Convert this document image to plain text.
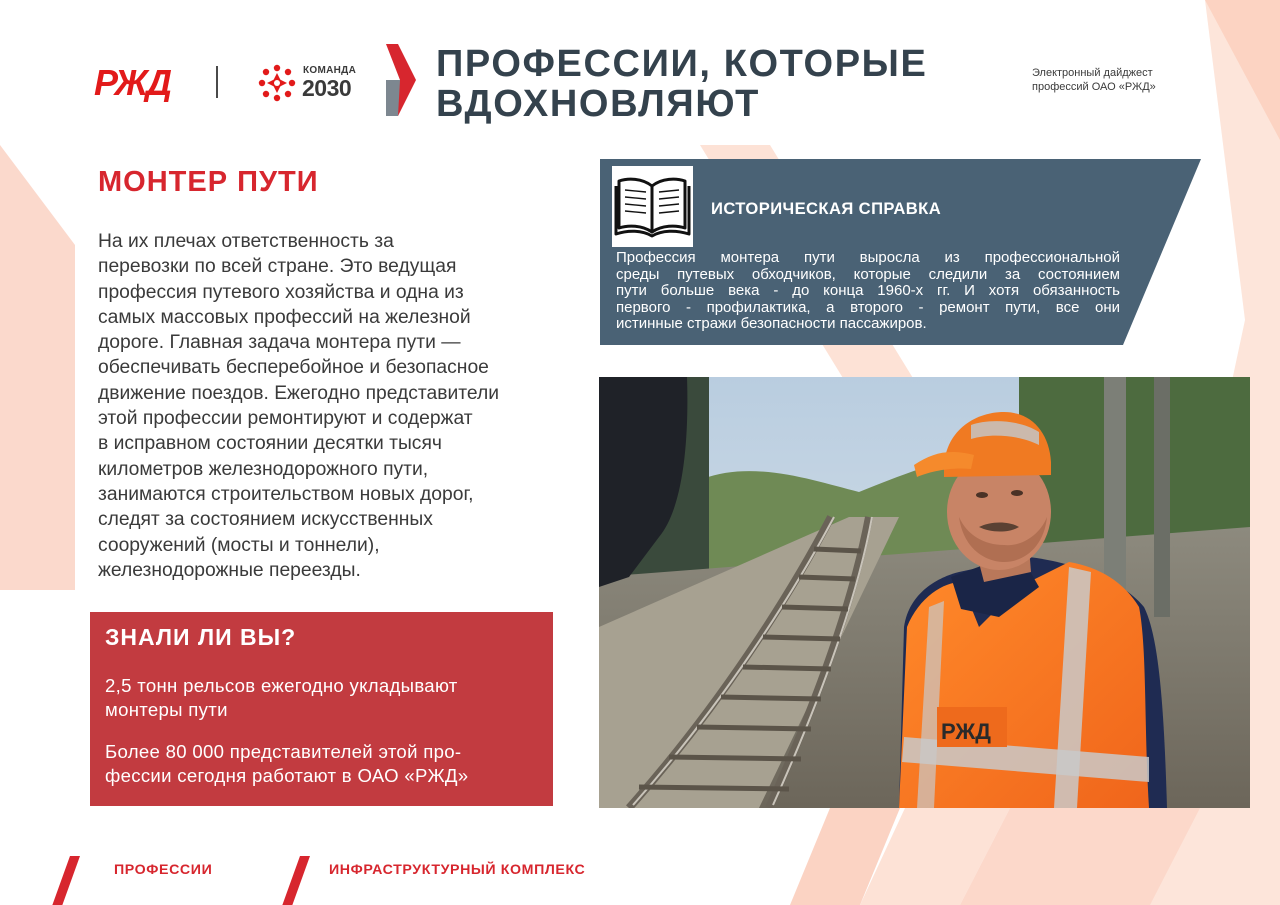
РЖД	КОМАНДА
2030
ПРОФЕССИИ, КОТОРЫЕ
ВДОХНОВЛЯЮТ
Электронный дайджест
профессий ОАО «РЖД»
МОНТЕР ПУТИ
На их плечах ответственность за
перевозки по всей стране. Это ведущая
профессия путевого хозяйства и одна из
самых массовых профессий на железной
дороге. Главная задача монтера пути —
обеспечивать бесперебойное и безопасное
движение поездов. Ежегодно представители
этой профессии ремонтируют и содержат
в исправном состоянии десятки тысяч
километров железнодорожного пути,
занимаются строительством новых дорог,
следят за состоянием искусственных
сооружений (мосты и тоннели),
железнодорожные переезды.
ЗНАЛИ ЛИ ВЫ?
2,5 тонн рельсов ежегодно укладывают
монтеры пути
Более 80 000 представителей этой про-
фессии сегодня работают в ОАО «РЖД»
ИСТОРИЧЕСКАЯ СПРАВКА
Профессия монтера пути выросла из профессиональной
среды путевых обходчиков, которые следили за состоянием
пути больше века - до конца 1960-х гг. И хотя обязанность
первого - профилактика, а второго - ремонт пути, все они
истинные стражи безопасности пассажиров.
РЖД
ПРОФЕССИИ	ИНФРАСТРУКТУРНЫЙ КОМПЛЕКС
